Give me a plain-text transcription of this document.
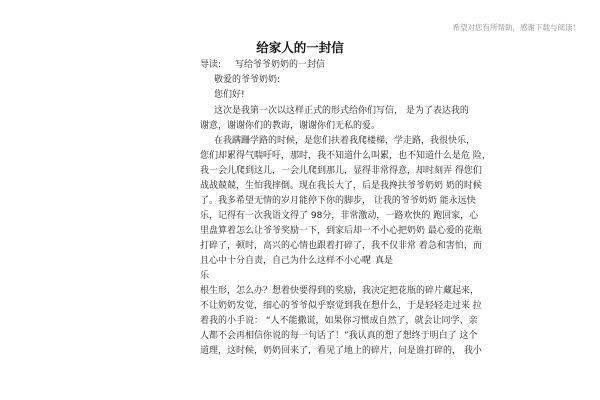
希望对您有所帮助，感谢下载与阅读！
给家人的一封信
导读: 写给爷爷奶奶的一封信
敬爱的爷爷奶奶:
您们好!
这次是我第一次以这样正式的形式给你们写信， 是为了表达我的
谢意，谢谢你们的教诲，谢谢你们无私的爱。
在我蹒跚学路的时候，是您们扶着我爬楼梯，学走路，我很快乐，
您们却累得气喘吁吁，那时，我不知道什么叫累，也不知道什么是危 险，
我一会儿爬到这儿，一会儿爬到那儿，显得非常得意，却时刻弄 得您们
战战兢兢，生怕我摔倒。现在我长大了，后是我搀扶爷爷奶奶 奶的时候
了。我多希望无情的岁月能停下你的脚步， 让我的爷爷奶奶 能永远快
乐，记得有一次我语文得了 98分，非常激动，一路欢快的 跑回家，心
里盘算着怎么让爷爷奖励一下，到家后却一不小心把奶奶 最心爱的花瓶
打碎了，顿时，高兴的心情也跟着打碎了，我不仅非常 着急和害怕，而
且心中十分自责，自己为什么这样不小心呢
？真是
乐
根生形，怎么办？想着快要得到的奖励，我决定把花瓶的碎片藏起来，
不让奶奶发觉，细心的爷爷似乎察觉到我在想什么，于是轻轻走过来 拉
着我的小手说： “人不能撒谎，如果你习惯成自然了，就会让同学、亲
人都不会再相信你说的每一句话了！”我认真的想了想终于明白了 这个
道理，这时候，奶奶回来了，看见了地上的碎片，问是谁打碎的， 我小
